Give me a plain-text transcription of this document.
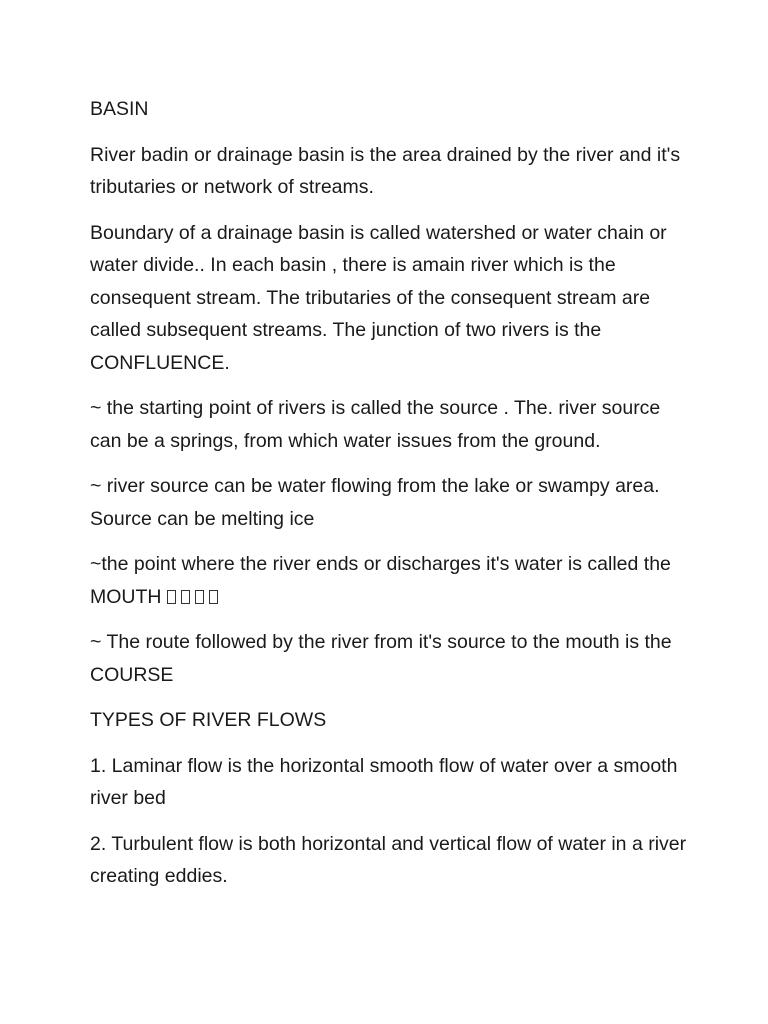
BASIN

River badin or drainage basin is the area drained by the river and it's tributaries or network of streams.

Boundary of a drainage basin is called watershed or water chain or water divide.. In each basin , there is amain river which is the consequent stream. The tributaries of the consequent stream are called subsequent streams. The junction of two rivers is the CONFLUENCE.

~ the starting point of rivers is called the source . The. river source can be a springs, from which water issues from the ground.

~ river source can be water flowing from the lake or swampy area. Source can be melting ice

~the point where the river ends or discharges it's water is called the MOUTH

~ The route followed by the river from it's source to the mouth is the COURSE

TYPES OF RIVER FLOWS

1. Laminar flow is the horizontal smooth flow of water over a smooth river bed

2. Turbulent flow is both horizontal and vertical flow of water in a river creating eddies.
